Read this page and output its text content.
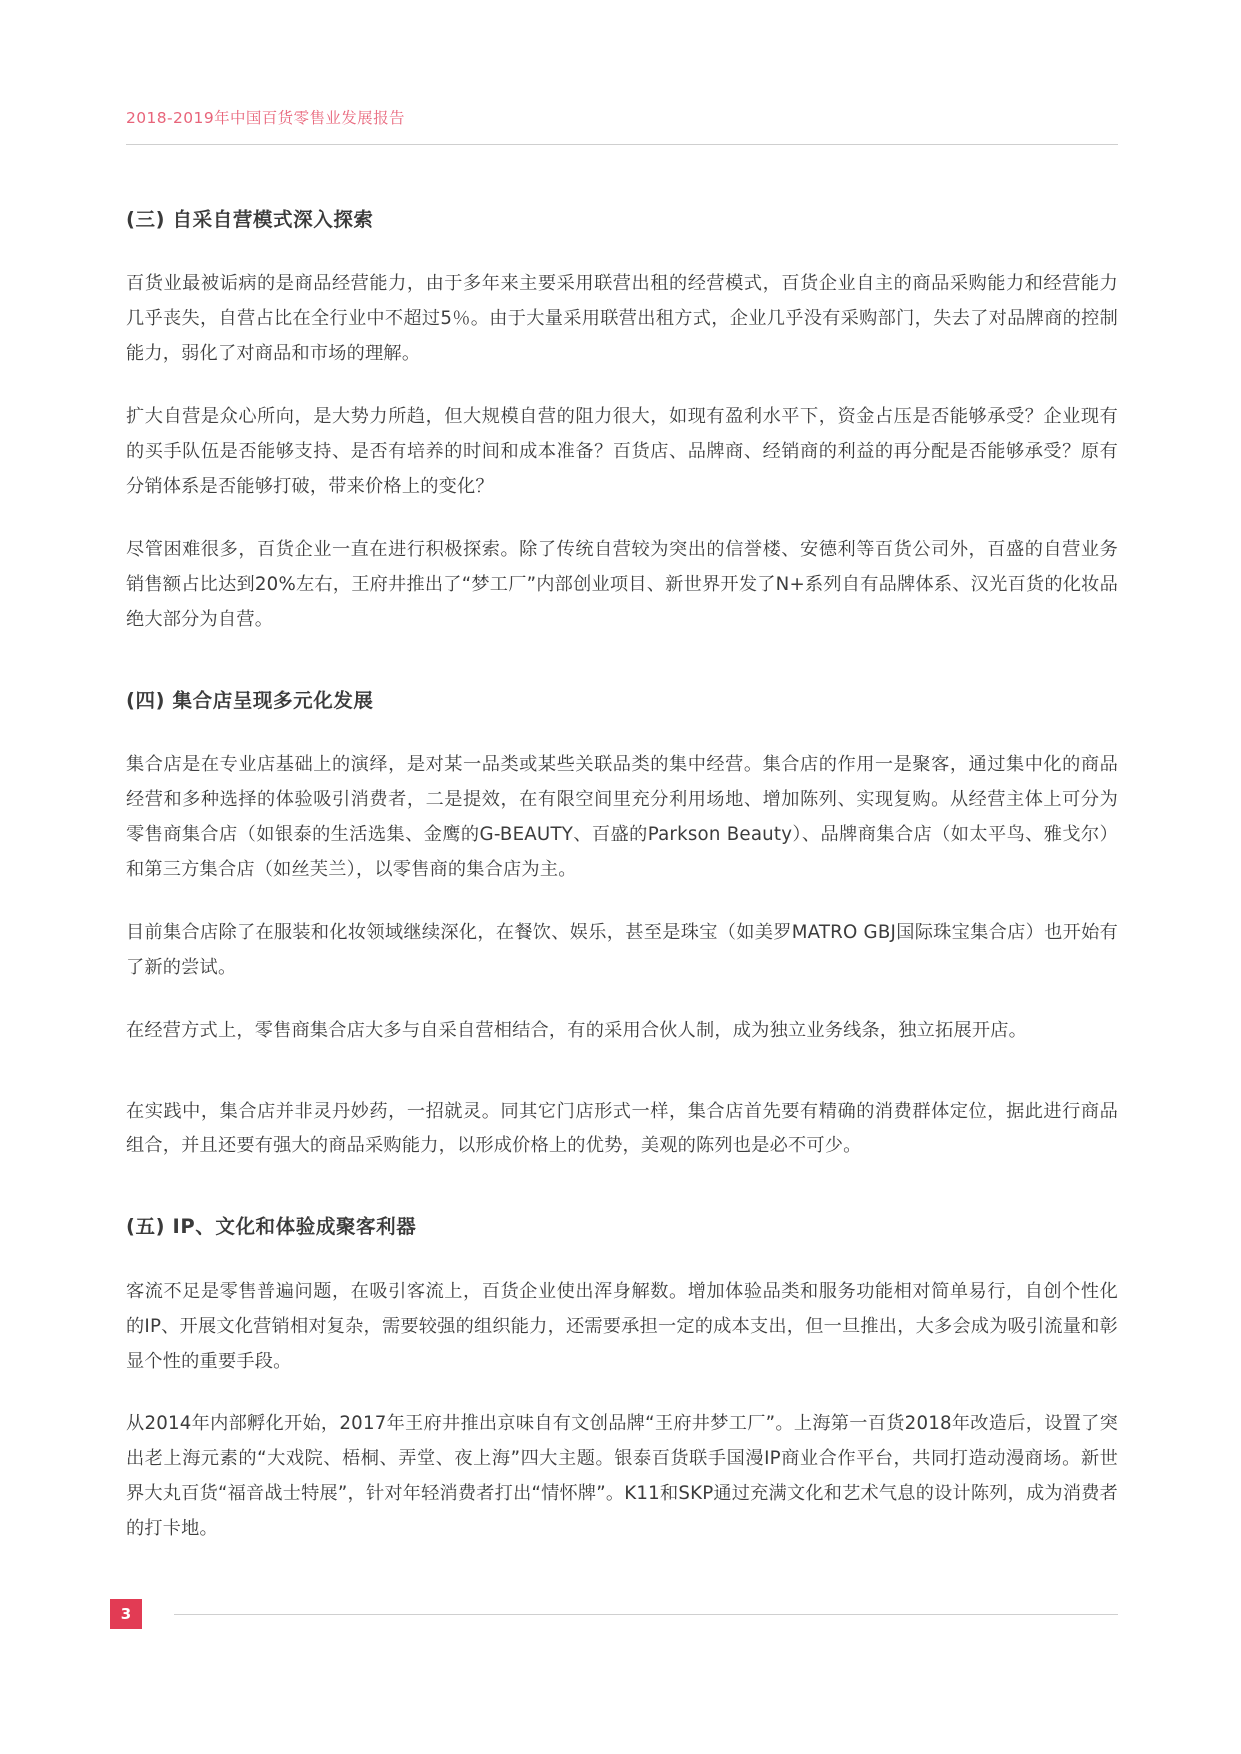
2018-2019年中国百货零售业发展报告
(三) 自采自营模式深入探索

百货业最被诟病的是商品经营能力，由于多年来主要采用联营出租的经营模式，百货企业自主的商品采购能力和经营能力几乎丧失，自营占比在全行业中不超过5％。由于大量采用联营出租方式，企业几乎没有采购部门，失去了对品牌商的控制能力，弱化了对商品和市场的理解。

扩大自营是众心所向，是大势力所趋，但大规模自营的阻力很大，如现有盈利水平下，资金占压是否能够承受？企业现有的买手队伍是否能够支持、是否有培养的时间和成本准备？百货店、品牌商、经销商的利益的再分配是否能够承受？原有分销体系是否能够打破，带来价格上的变化？

尽管困难很多，百货企业一直在进行积极探索。除了传统自营较为突出的信誉楼、安德利等百货公司外，百盛的自营业务销售额占比达到20%左右，王府井推出了“梦工厂”内部创业项目、新世界开发了N+系列自有品牌体系、汉光百货的化妆品绝大部分为自营。

(四) 集合店呈现多元化发展

集合店是在专业店基础上的演绎，是对某一品类或某些关联品类的集中经营。集合店的作用一是聚客，通过集中化的商品经营和多种选择的体验吸引消费者，二是提效，在有限空间里充分利用场地、增加陈列、实现复购。从经营主体上可分为零售商集合店（如银泰的生活选集、金鹰的G-BEAUTY、百盛的Parkson Beauty）、品牌商集合店（如太平鸟、雅戈尔）和第三方集合店（如丝芙兰），以零售商的集合店为主。

目前集合店除了在服装和化妆领域继续深化，在餐饮、娱乐，甚至是珠宝（如美罗MATRO GBJ国际珠宝集合店）也开始有了新的尝试。

在经营方式上，零售商集合店大多与自采自营相结合，有的采用合伙人制，成为独立业务线条，独立拓展开店。

在实践中，集合店并非灵丹妙药，一招就灵。同其它门店形式一样，集合店首先要有精确的消费群体定位，据此进行商品组合，并且还要有强大的商品采购能力，以形成价格上的优势，美观的陈列也是必不可少。

(五) IP、文化和体验成聚客利器

客流不足是零售普遍问题，在吸引客流上，百货企业使出浑身解数。增加体验品类和服务功能相对简单易行，自创个性化的IP、开展文化营销相对复杂，需要较强的组织能力，还需要承担一定的成本支出，但一旦推出，大多会成为吸引流量和彰显个性的重要手段。

从2014年内部孵化开始，2017年王府井推出京味自有文创品牌“王府井梦工厂”。上海第一百货2018年改造后，设置了突出老上海元素的“大戏院、梧桐、弄堂、夜上海”四大主题。银泰百货联手国漫IP商业合作平台，共同打造动漫商场。新世界大丸百货“福音战士特展”，针对年轻消费者打出“情怀牌”。K11和SKP通过充满文化和艺术气息的设计陈列，成为消费者的打卡地。

3
